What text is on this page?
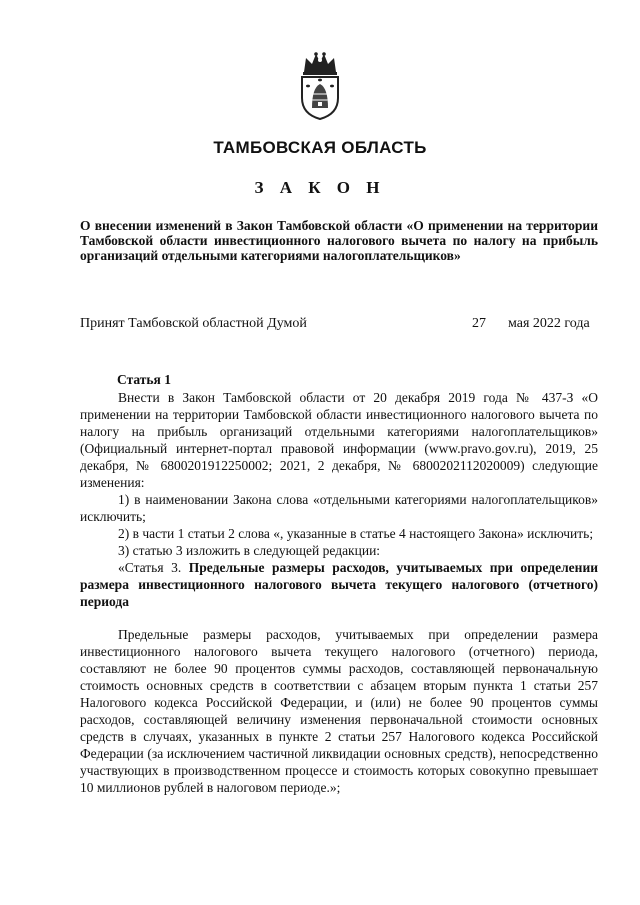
ТАМБОВСКАЯ ОБЛАСТЬ
З А К О Н
О внесении изменений в Закон Тамбовской области «О применении на территории Тамбовской области инвестиционного налогового вычета по налогу на прибыль организаций отдельными категориями налогоплательщиков»
Принят Тамбовской областной Думой	27 мая 2022 года
Статья 1

Внести в Закон Тамбовской области от 20 декабря 2019 года № 437-З «О применении на территории Тамбовской области инвестиционного налогового вычета по налогу на прибыль организаций отдельными категориями налогоплательщиков» (Официальный интернет-портал правовой информации (www.pravo.gov.ru), 2019, 25 декабря, № 6800201912250002; 2021, 2 декабря, № 6800202112020009) следующие изменения:

1) в наименовании Закона слова «отдельными категориями налогоплательщиков» исключить;

2) в части 1 статьи 2 слова «, указанные в статье 4 настоящего Закона» исключить;

3) статью 3 изложить в следующей редакции:

«Статья 3. Предельные размеры расходов, учитываемых при определении размера инвестиционного налогового вычета текущего налогового (отчетного) периода

Предельные размеры расходов, учитываемых при определении размера инвестиционного налогового вычета текущего налогового (отчетного) периода, составляют не более 90 процентов суммы расходов, составляющей первоначальную стоимость основных средств в соответствии с абзацем вторым пункта 1 статьи 257 Налогового кодекса Российской Федерации, и (или) не более 90 процентов суммы расходов, составляющей величину изменения первоначальной стоимости основных средств в случаях, указанных в пункте 2 статьи 257 Налогового кодекса Российской Федерации (за исключением частичной ликвидации основных средств), непосредственно участвующих в производственном процессе и стоимость которых совокупно превышает 10 миллионов рублей в налоговом периоде.»;
